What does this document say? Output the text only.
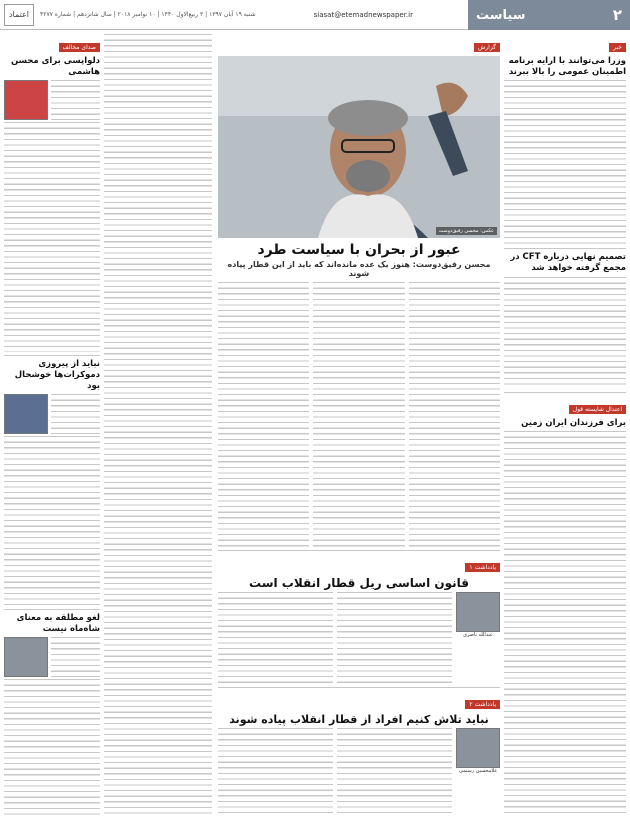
اعتماد	شنبه ۱۹ آبان ۱۳۹۷ | ۳ ربیع‌الاول ۱۴۴۰ | ۱۰ نوامبر ۲۰۱۸ | سال شانزدهم | شماره ۴۲۷۷	siasat@etemadnewspaper.ir	سیاست	۲
خبر
وزرا می‌توانند با ارایه برنامه اطمینان عمومی را بالا ببرند
تصمیم نهایی درباره CFT در مجمع گرفته خواهد شد
اعتدال شایسته قول
برای فرزندان ایران زمین
گزارش
عکس: محسن رفیق‌دوست
عبور از بحران با سیاست طرد
محسن رفیق‌دوست: هنوز یک عده مانده‌اند که باید از این قطار پیاده شوند
یادداشت ۱
قانون اساسی ریل قطار انقلاب است
عبدالله ناصری
یادداشت ۲
نباید تلاش کنیم افراد از قطار انقلاب پیاده شوند
غلامحسین رستمی
صدای مخالف
دلواپسی برای محسن هاشمی
نباید از پیروزی دموکرات‌ها خوشحال بود
لغو مطلقه به معنای شاه‌ماه نیست
